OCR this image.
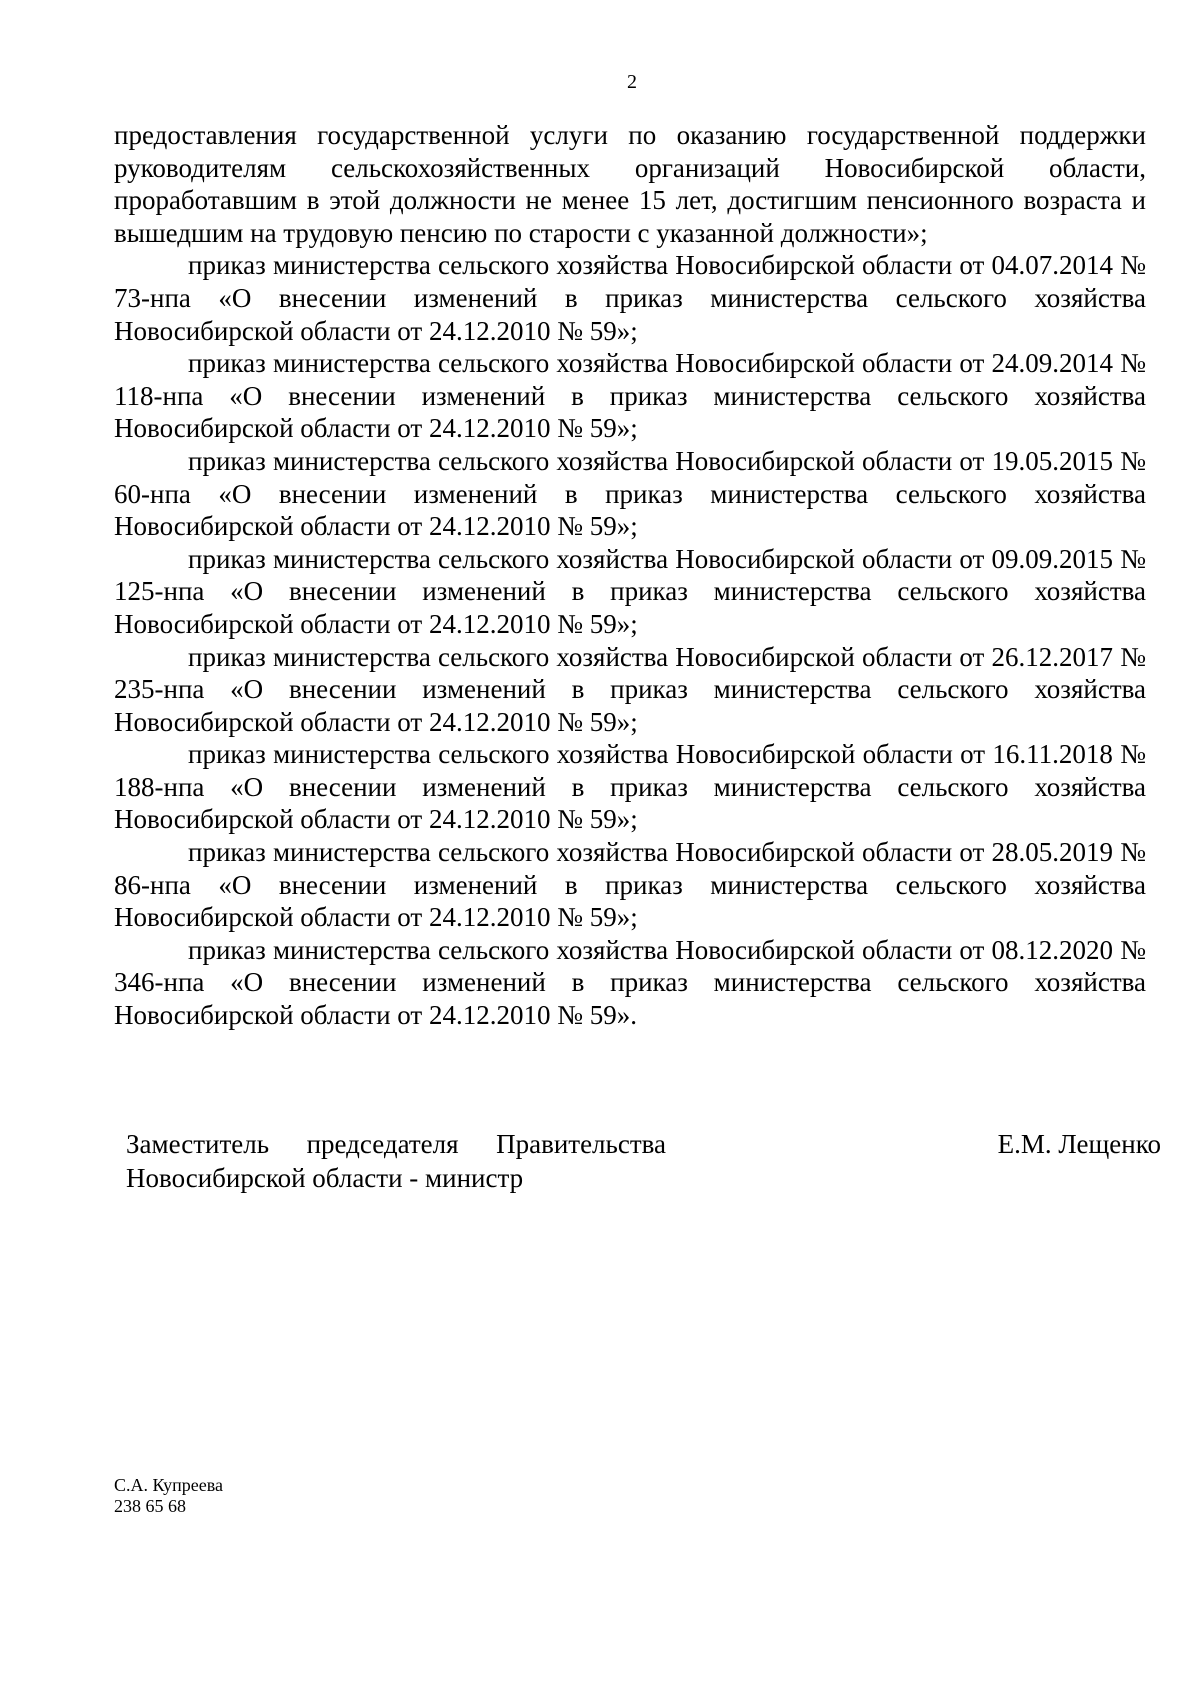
2

предоставления государственной услуги по оказанию государственной поддержки руководителям сельскохозяйственных организаций Новосибирской области, проработавшим в этой должности не менее 15 лет, достигшим пенсионного возраста и вышедшим на трудовую пенсию по старости с указанной должности»;

приказ министерства сельского хозяйства Новосибирской области от 04.07.2014 № 73-нпа «О внесении изменений в приказ министерства сельского хозяйства Новосибирской области от 24.12.2010 № 59»;

приказ министерства сельского хозяйства Новосибирской области от 24.09.2014 № 118-нпа «О внесении изменений в приказ министерства сельского хозяйства Новосибирской области от 24.12.2010 № 59»;

приказ министерства сельского хозяйства Новосибирской области от 19.05.2015 № 60-нпа «О внесении изменений в приказ министерства сельского хозяйства Новосибирской области от 24.12.2010 № 59»;

приказ министерства сельского хозяйства Новосибирской области от 09.09.2015 № 125-нпа «О внесении изменений в приказ министерства сельского хозяйства Новосибирской области от 24.12.2010 № 59»;

приказ министерства сельского хозяйства Новосибирской области от 26.12.2017 № 235-нпа «О внесении изменений в приказ министерства сельского хозяйства Новосибирской области от 24.12.2010 № 59»;

приказ министерства сельского хозяйства Новосибирской области от 16.11.2018 № 188-нпа «О внесении изменений в приказ министерства сельского хозяйства Новосибирской области от 24.12.2010 № 59»;

приказ министерства сельского хозяйства Новосибирской области от 28.05.2019 № 86-нпа «О внесении изменений в приказ министерства сельского хозяйства Новосибирской области от 24.12.2010 № 59»;

приказ министерства сельского хозяйства Новосибирской области от 08.12.2020 № 346-нпа «О внесении изменений в приказ министерства сельского хозяйства Новосибирской области от 24.12.2010 № 59».

Заместитель председателя Правительства
Новосибирской области - министр
Е.М. Лещенко
С.А. Купреева
238 65 68
